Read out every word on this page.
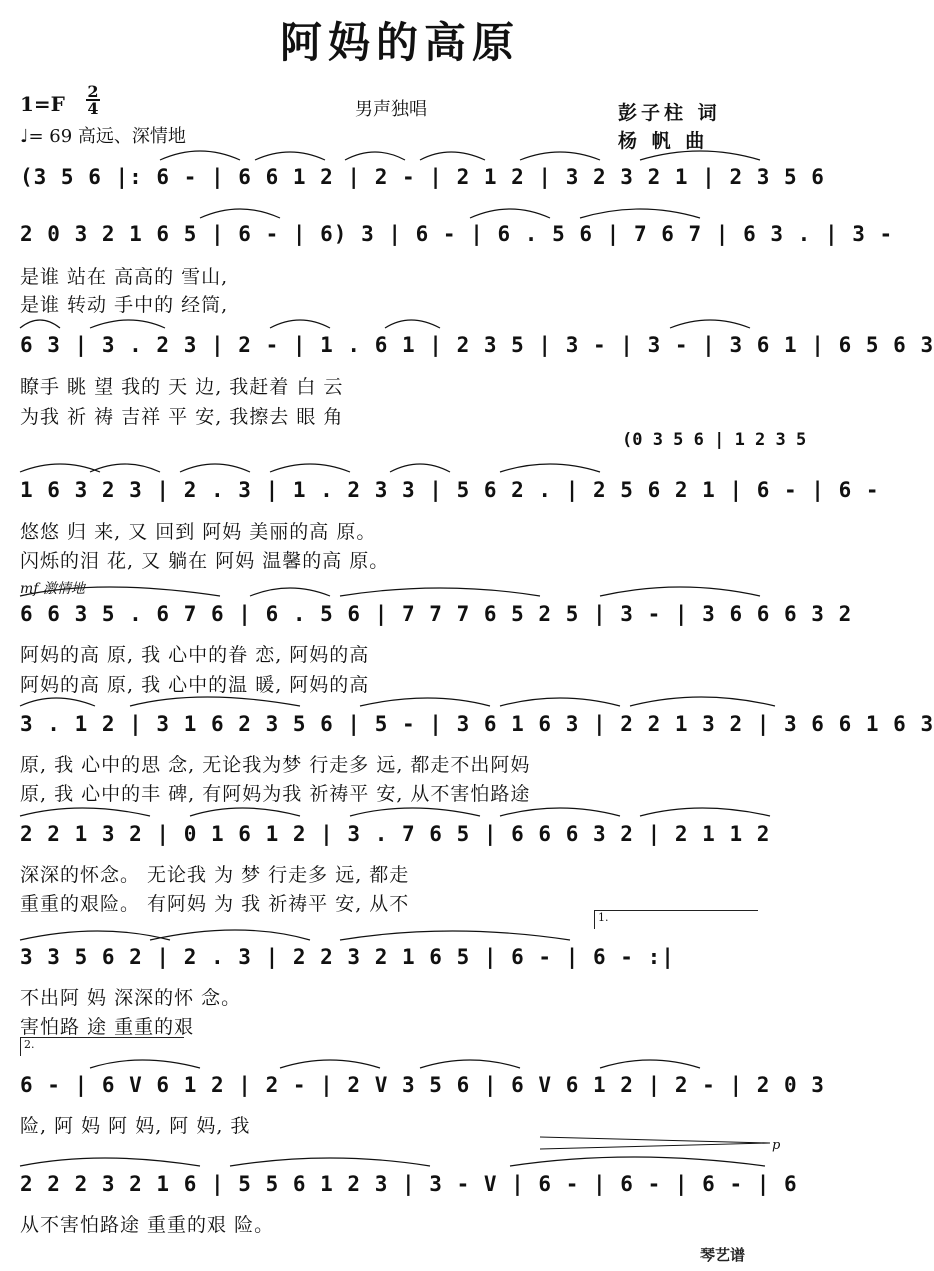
阿妈的高原
1=F
2
4
♩= 69 高远、深情地
男声独唱	彭子柱 词
杨 帆 曲
(3 5 6 |: 6 - | 6 6 1 2 | 2 - | 2 1 2 | 3 2 3 2 1 | 2 3 5 6
2 0 3 2 1 6 5 | 6 - | 6) 3 | 6 - | 6 . 5 6 | 7 6 7 | 6 3 . | 3 -
是谁 站在 高高的 雪山,
是谁 转动 手中的 经筒,
6 3 | 3 . 2 3 | 2 - | 1 . 6 1 | 2 3 5 | 3 - | 3 - | 3 6 1 | 6 5 6 3
瞭手 眺 望 我的 天 边, 我赶着 白 云
为我 祈 祷 吉祥 平 安, 我擦去 眼 角
(0 3 5 6 | 1 2 3 5
1 6 3 2 3 | 2 . 3 | 1 . 2 3 3 | 5 6 2 . | 2 5 6 2 1 | 6 - | 6 -
悠悠 归 来, 又 回到 阿妈 美丽的高 原。
闪烁的泪 花, 又 躺在 阿妈 温馨的高 原。
mf 激情地
6 6 3 5 . 6 7 6 | 6 . 5 6 | 7 7 7 6 5 2 5 | 3 - | 3 6 6 6 3 2
阿妈的高 原, 我 心中的眷 恋, 阿妈的高
阿妈的高 原, 我 心中的温 暖, 阿妈的高
3 . 1 2 | 3 1 6 2 3 5 6 | 5 - | 3 6 1 6 3 | 2 2 1 3 2 | 3 6 6 1 6 3
原, 我 心中的思 念, 无论我为梦 行走多 远, 都走不出阿妈
原, 我 心中的丰 碑, 有阿妈为我 祈祷平 安, 从不害怕路途
2 2 1 3 2 | 0 1 6 1 2 | 3 . 7 6 5 | 6 6 6 3 2 | 2 1 1 2
深深的怀念。 无论我 为 梦 行走多 远, 都走
重重的艰险。 有阿妈 为 我 祈祷平 安, 从不
1.
3 3 5 6 2 | 2 . 3 | 2 2 3 2 1 6 5 | 6 - | 6 - :|
不出阿 妈 深深的怀 念。
害怕路 途 重重的艰
2.
6 - | 6 V 6 1 2 | 2 - | 2 V 3 5 6 | 6 V 6 1 2 | 2 - | 2 0 3
险, 阿 妈 阿 妈, 阿 妈, 我
p
2 2 2 3 2 1 6 | 5 5 6 1 2 3 | 3 - V | 6 - | 6 - | 6 - | 6
从不害怕路途 重重的艰 险。
琴艺谱
